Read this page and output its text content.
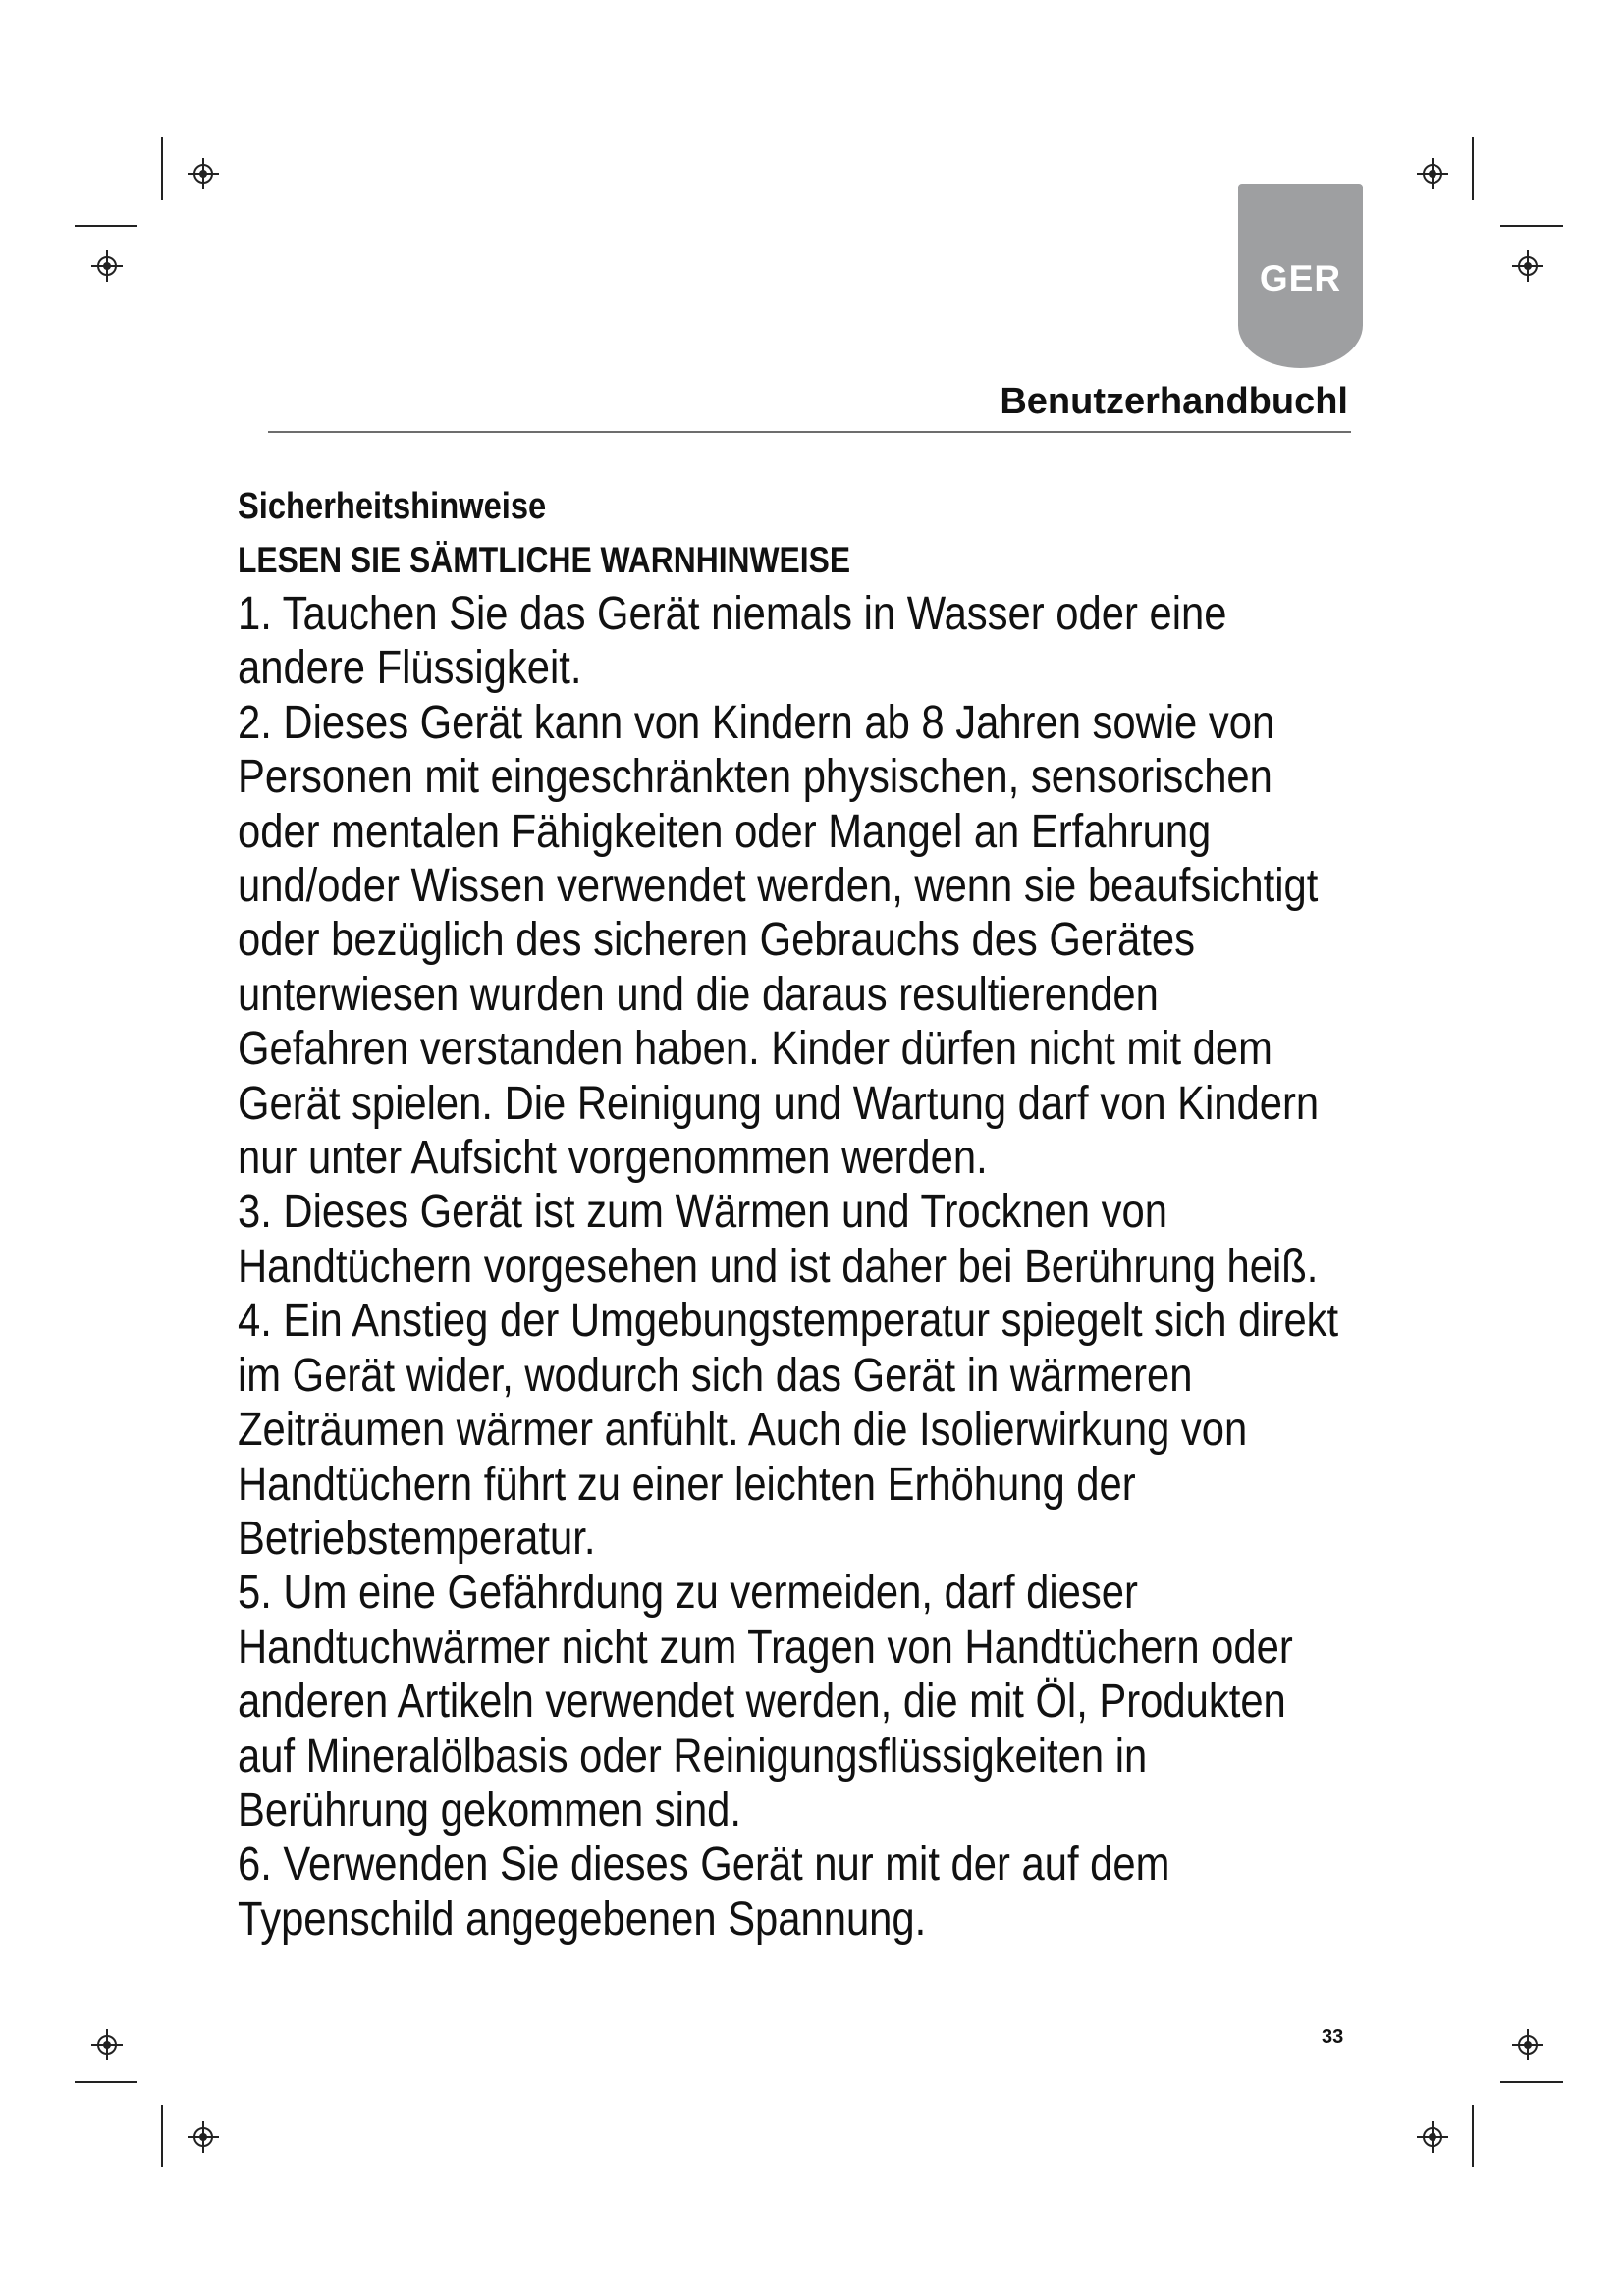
GER
Benutzerhandbuchl
Sicherheitshinweise
LESEN SIE SÄMTLICHE WARNHINWEISE
1. Tauchen Sie das Gerät niemals in Wasser oder eine
andere Flüssigkeit.
2. Dieses Gerät kann von Kindern ab 8 Jahren sowie von
Personen mit eingeschränkten physischen, sensorischen
oder mentalen Fähigkeiten oder Mangel an Erfahrung
und/oder Wissen verwendet werden, wenn sie beaufsichtigt
oder bezüglich des sicheren Gebrauchs des Gerätes
unterwiesen wurden und die daraus resultierenden
Gefahren verstanden haben. Kinder dürfen nicht mit dem
Gerät spielen. Die Reinigung und Wartung darf von Kindern
nur unter Aufsicht vorgenommen werden.
3. Dieses Gerät ist zum Wärmen und Trocknen von
Handtüchern vorgesehen und ist daher bei Berührung heiß.
4. Ein Anstieg der Umgebungstemperatur spiegelt sich direkt
im Gerät wider, wodurch sich das Gerät in wärmeren
Zeiträumen wärmer anfühlt. Auch die Isolierwirkung von
Handtüchern führt zu einer leichten Erhöhung der
Betriebstemperatur.
5. Um eine Gefährdung zu vermeiden, darf dieser
Handtuchwärmer nicht zum Tragen von Handtüchern oder
anderen Artikeln verwendet werden, die mit Öl, Produkten
auf Mineralölbasis oder Reinigungsflüssigkeiten in
Berührung gekommen sind.
6. Verwenden Sie dieses Gerät nur mit der auf dem
Typenschild angegebenen Spannung.
33
